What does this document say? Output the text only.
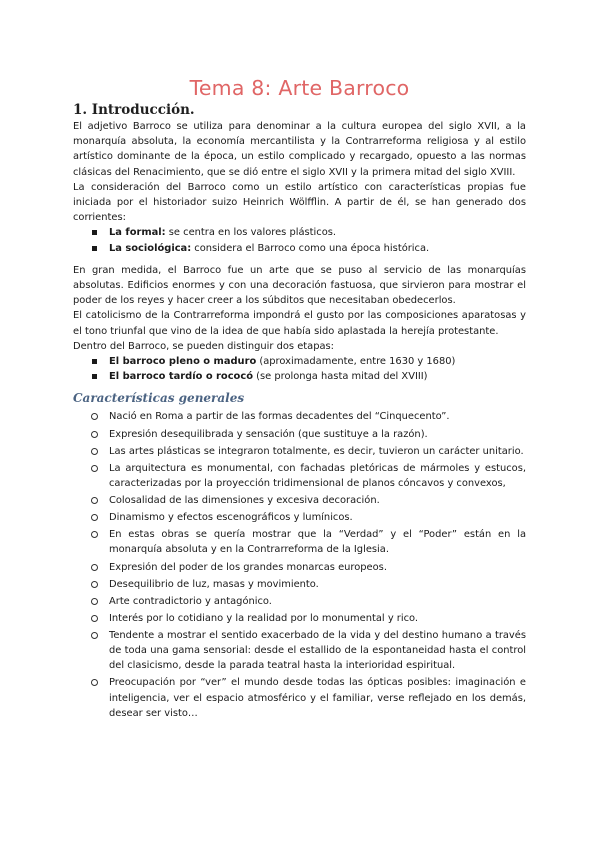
Tema 8: Arte Barroco
1. Introducción.

El adjetivo Barroco se utiliza para denominar a la cultura europea del siglo XVII, a la monarquía absoluta, la economía mercantilista y la Contrarreforma religiosa y al estilo artístico dominante de la época, un estilo complicado y recargado, opuesto a las normas clásicas del Renacimiento, que se dió entre el siglo XVII y la primera mitad del siglo XVIII.

La consideración del Barroco como un estilo artístico con características propias fue iniciada por el historiador suizo Heinrich Wölfflin. A partir de él, se han generado dos corrientes:

La formal: se centra en los valores plásticos.
La sociológica: considera el Barroco como una época histórica.

En gran medida, el Barroco fue un arte que se puso al servicio de las monarquías absolutas. Edificios enormes y con una decoración fastuosa, que sirvieron para mostrar el poder de los reyes y hacer creer a los súbditos que necesitaban obedecerlos.

El catolicismo de la Contrarreforma impondrá el gusto por las composiciones aparatosas y el tono triunfal que vino de la idea de que había sido aplastada la herejía protestante.

Dentro del Barroco, se pueden distinguir dos etapas:

El barroco pleno o maduro (aproximadamente, entre 1630 y 1680)
El barroco tardío o rococó (se prolonga hasta mitad del XVIII)
Características generales
Nació en Roma a partir de las formas decadentes del “Cinquecento”.
Expresión desequilibrada y sensación (que sustituye a la razón).
Las artes plásticas se integraron totalmente, es decir, tuvieron un carácter unitario.
La arquitectura es monumental, con fachadas pletóricas de mármoles y estucos, caracterizadas por la proyección tridimensional de planos cóncavos y convexos,
Colosalidad de las dimensiones y excesiva decoración.
Dinamismo y efectos escenográficos y lumínicos.
En estas obras se quería mostrar que la “Verdad” y el “Poder” están en la monarquía absoluta y en la Contrarreforma de la Iglesia.
Expresión del poder de los grandes monarcas europeos.
Desequilibrio de luz, masas y movimiento.
Arte contradictorio y antagónico.
Interés por lo cotidiano y la realidad por lo monumental y rico.
Tendente a mostrar el sentido exacerbado de la vida y del destino humano a través de toda una gama sensorial: desde el estallido de la espontaneidad hasta el control del clasicismo, desde la parada teatral hasta la interioridad espiritual.
Preocupación por “ver” el mundo desde todas las ópticas posibles: imaginación e inteligencia, ver el espacio atmosférico y el familiar, verse reflejado en los demás, desear ser visto…
